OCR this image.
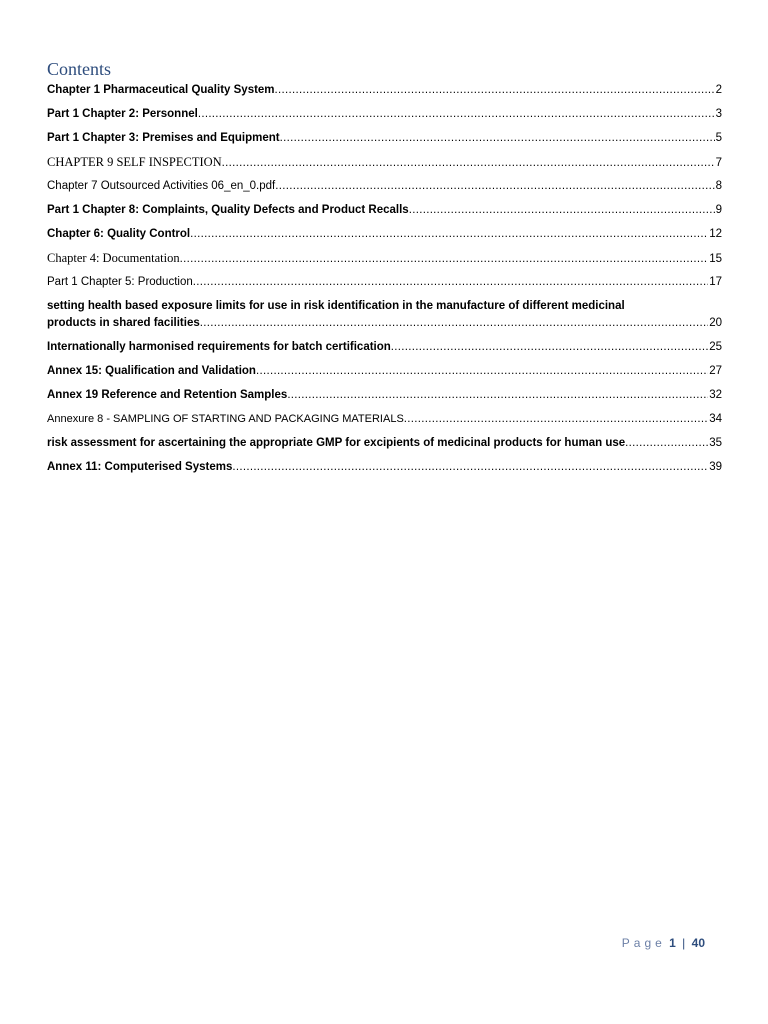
Contents
Chapter 1 Pharmaceutical Quality System .....	2
Part 1 Chapter 2: Personnel .....	3
Part 1 Chapter 3: Premises and Equipment .....	5
CHAPTER 9 SELF INSPECTION .....	7
Chapter 7 Outsourced Activities 06_en_0.pdf .....	8
Part 1 Chapter 8: Complaints, Quality Defects and Product Recalls .....	9
Chapter 6: Quality Control .....	12
Chapter 4: Documentation .....	15
Part 1 Chapter 5: Production .....	17
setting health based exposure limits for use in risk identification in the manufacture of different medicinal
products in shared facilities .....	20
Internationally harmonised requirements for batch certification .....	25
Annex 15: Qualification and Validation .....	27
Annex 19 Reference and Retention Samples .....	32
Annexure 8 - SAMPLING OF STARTING AND PACKAGING MATERIALS .....	34
risk assessment for ascertaining the appropriate GMP for excipients of medicinal products for human use .....	35
Annex 11: Computerised Systems .....	39
Page 1 | 40
